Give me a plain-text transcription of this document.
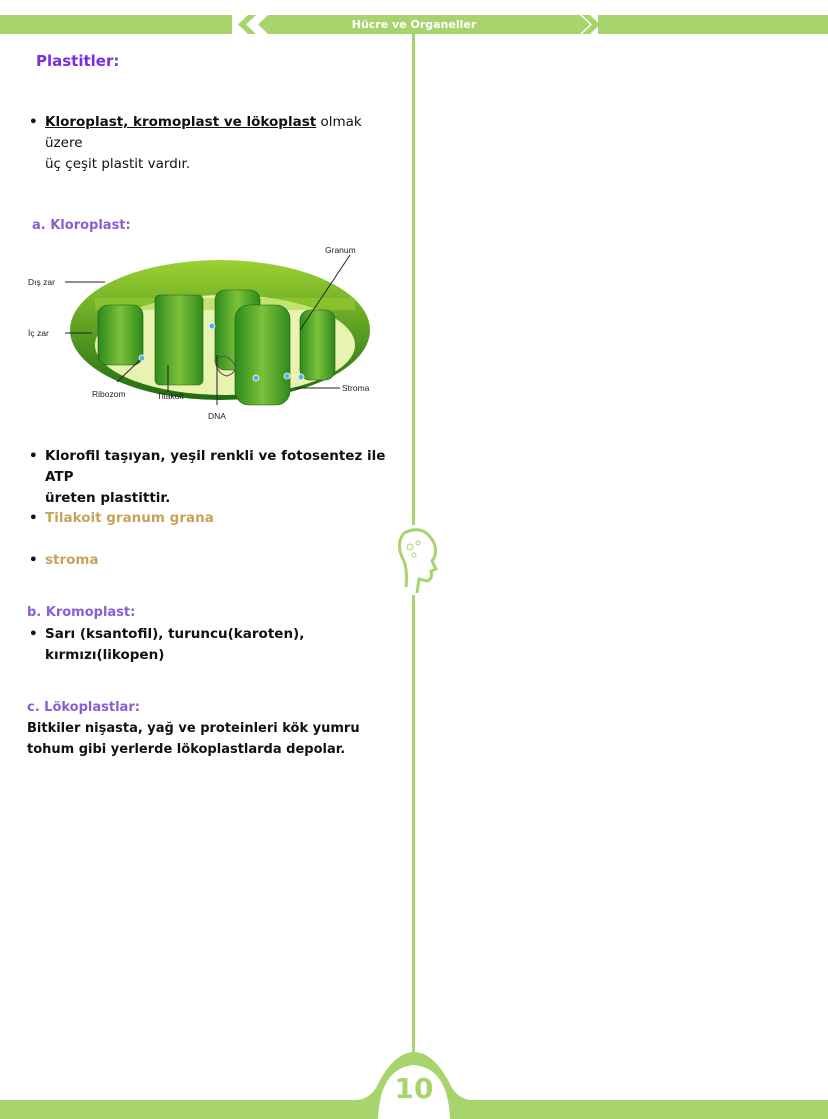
Hücre ve Organeller
Plastitler:
• Kloroplast, kromoplast ve lökoplast olmak üzere
üç çeşit plastit vardır.
a. Kloroplast:
Granum
Dış zar
İç zar
Ribozom	Tilakoit
DNA
Stroma
• Klorofil taşıyan, yeşil renkli ve fotosentez ile ATP
üreten plastittir.
• Tilakoit granum grana
• stroma
b. Kromoplast:
• Sarı (ksantofil), turuncu(karoten), kırmızı(likopen)
c. Lökoplastlar:
Bitkiler nişasta, yağ ve proteinleri kök yumru
tohum gibi yerlerde lökoplastlarda depolar.
10
